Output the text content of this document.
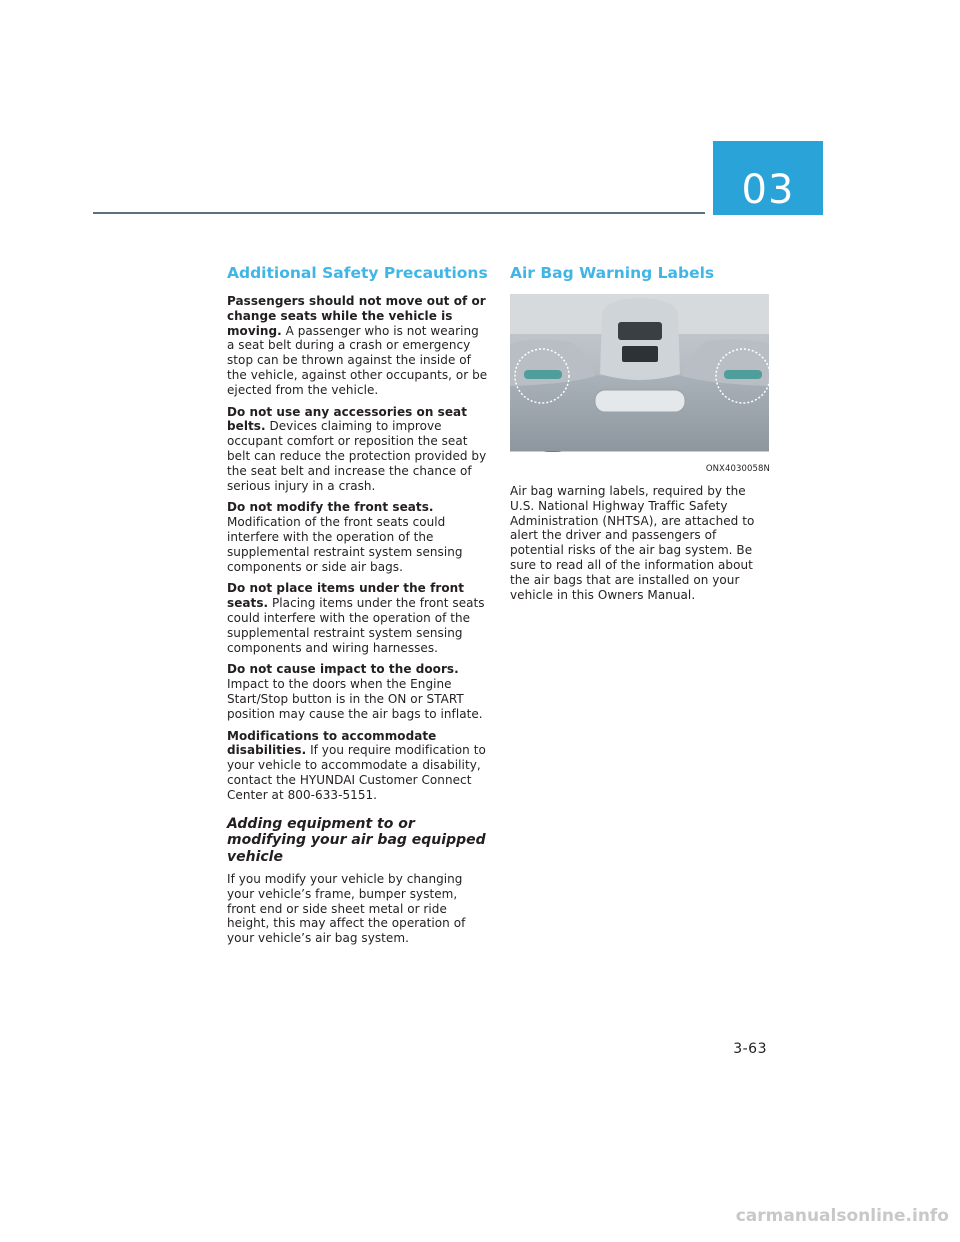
03
Additional Safety Precautions

Passengers should not move out of or change seats while the vehicle is moving. A passenger who is not wearing a seat belt during a crash or emergency stop can be thrown against the inside of the vehicle, against other occupants, or be ejected from the vehicle.

Do not use any accessories on seat belts. Devices claiming to improve occupant comfort or reposition the seat belt can reduce the protection provided by the seat belt and increase the chance of serious injury in a crash.

Do not modify the front seats. Modification of the front seats could interfere with the operation of the supplemental restraint system sensing components or side air bags.

Do not place items under the front seats. Placing items under the front seats could interfere with the operation of the supplemental restraint system sensing components and wiring harnesses.

Do not cause impact to the doors. Impact to the doors when the Engine Start/Stop button is in the ON or START position may cause the air bags to inflate.

Modifications to accommodate disabilities. If you require modification to your vehicle to accommodate a disability, contact the HYUNDAI Customer Connect Center at 800-633-5151.

Adding equipment to or modifying your air bag equipped vehicle

If you modify your vehicle by changing your vehicle’s frame, bumper system, front end or side sheet metal or ride height, this may affect the operation of your vehicle’s air bag system.

Air Bag Warning Labels
ONX4030058N

Air bag warning labels, required by the U.S. National Highway Traffic Safety Administration (NHTSA), are attached to alert the driver and passengers of potential risks of the air bag system. Be sure to read all of the information about the air bags that are installed on your vehicle in this Owners Manual.

3-63
carmanualsonline.info
